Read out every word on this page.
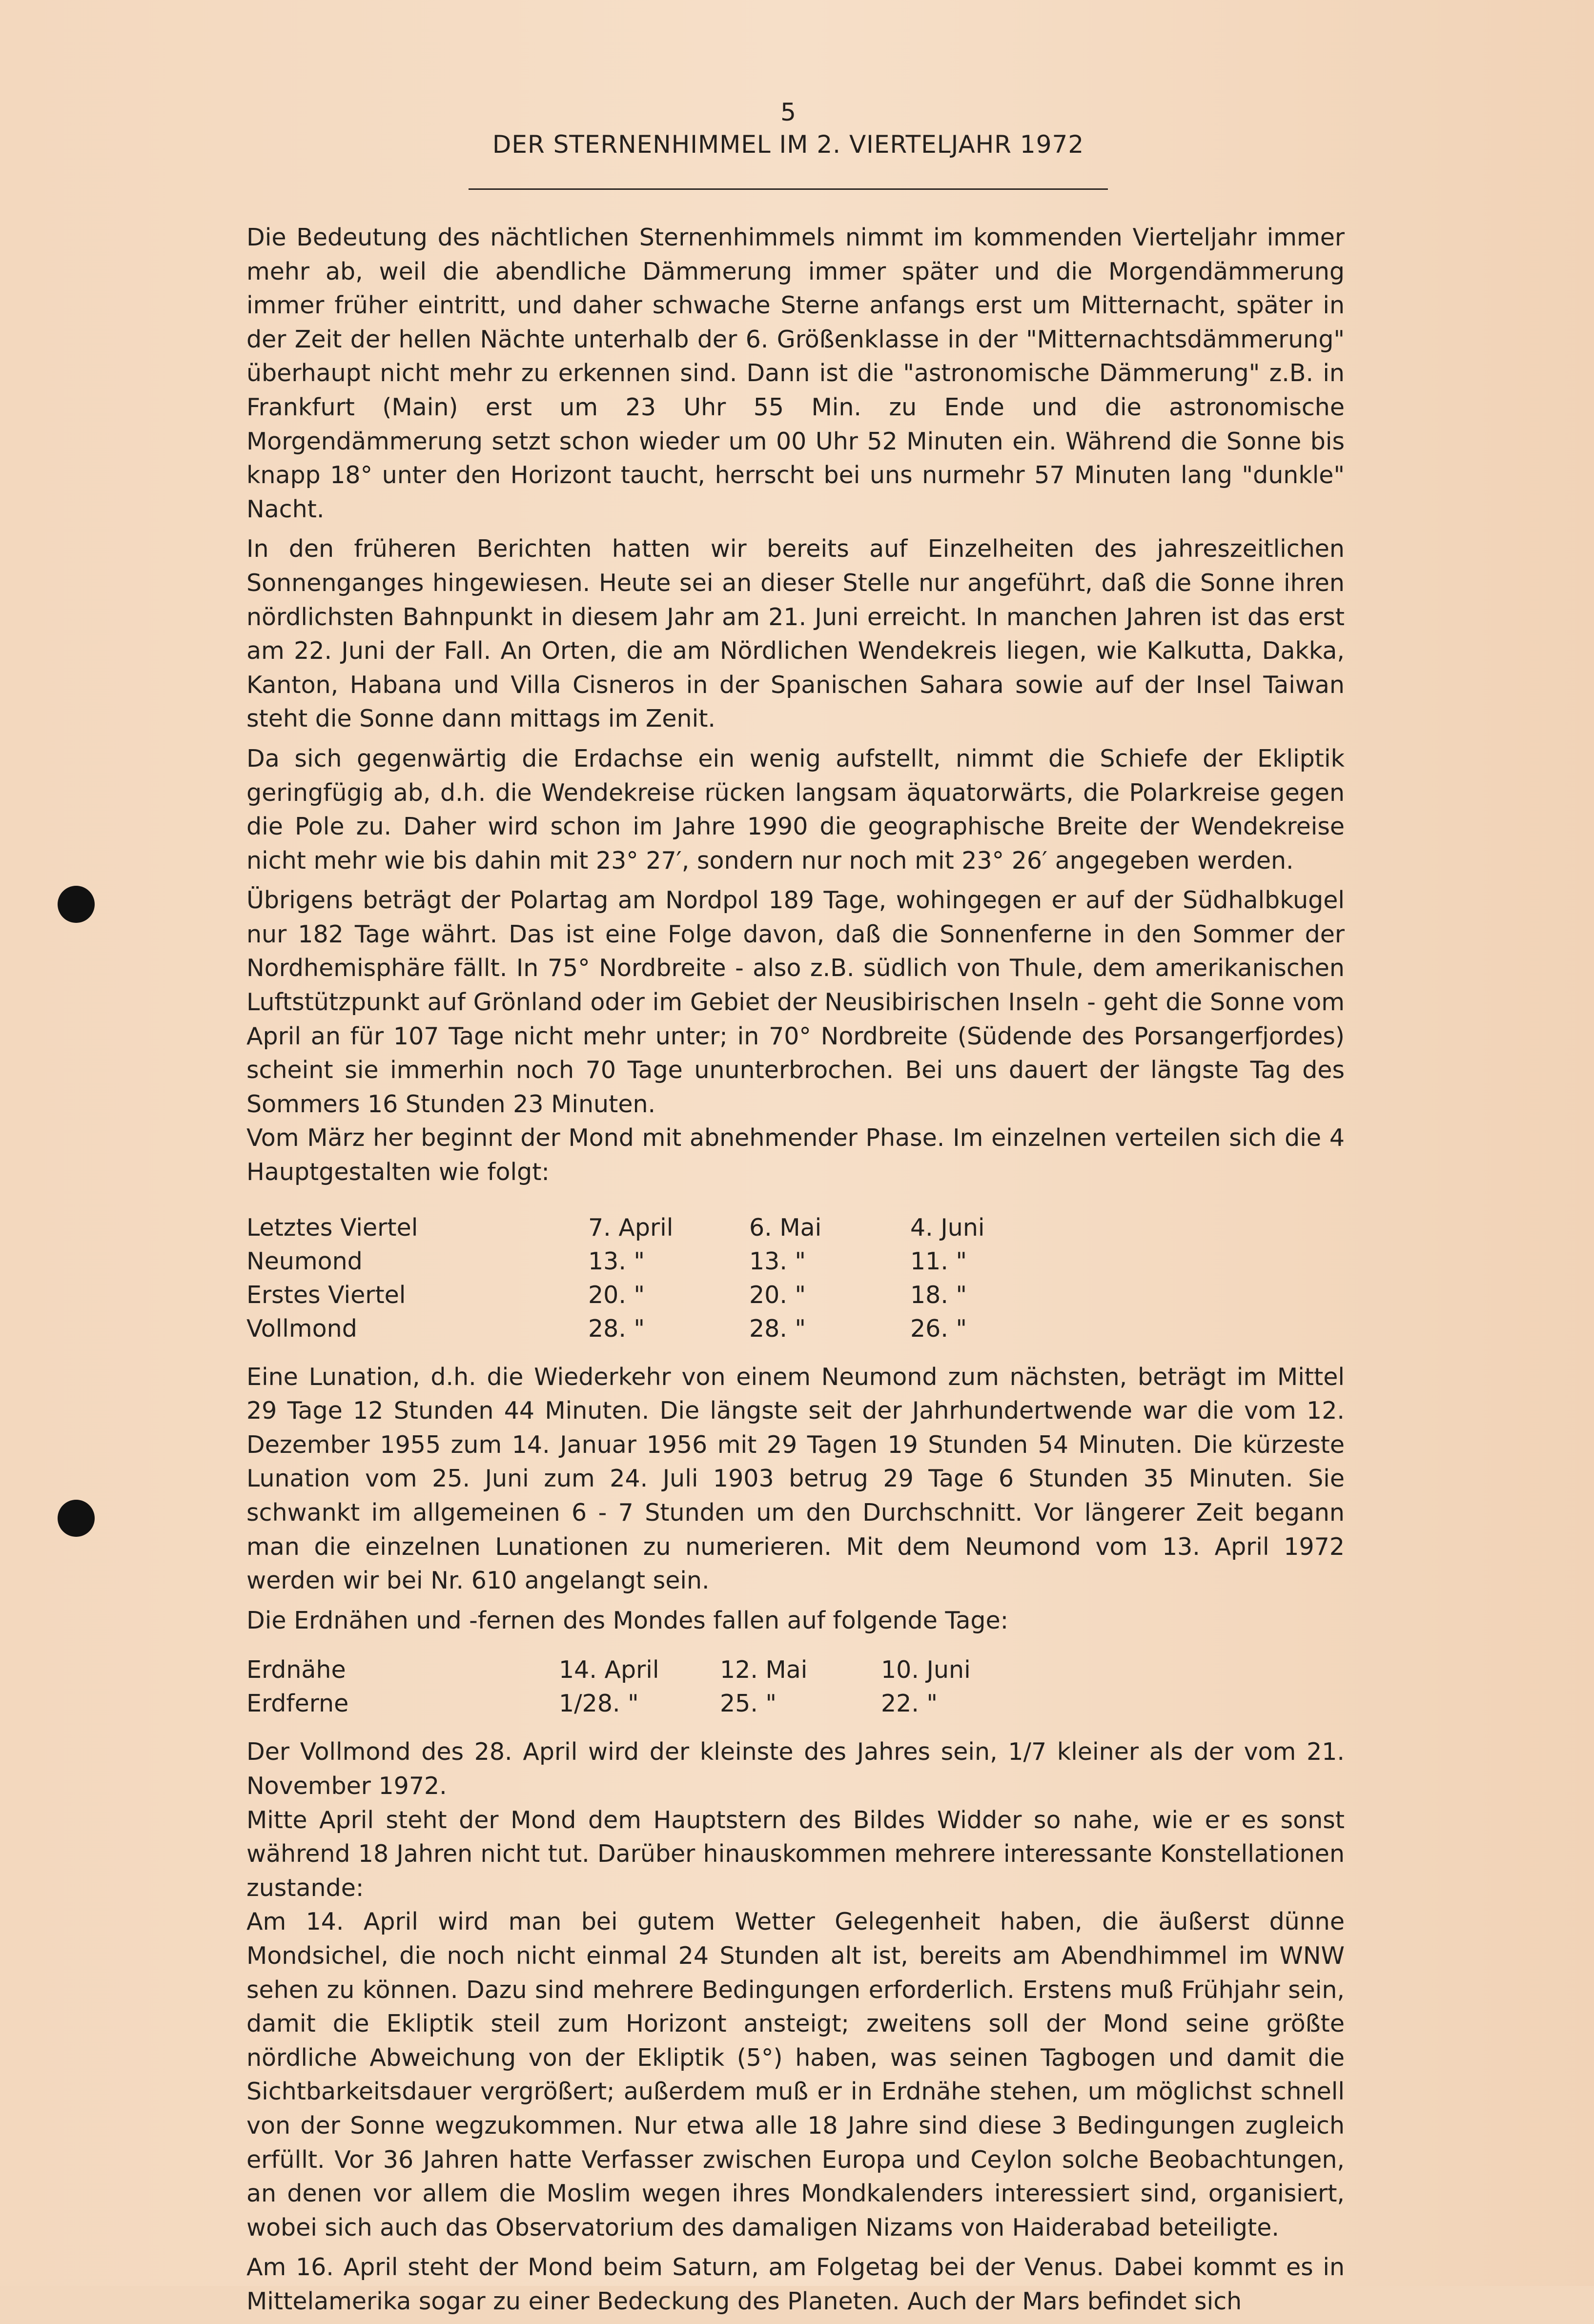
5
DER STERNENHIMMEL IM 2. VIERTELJAHR 1972

Die Bedeutung des nächtlichen Sternenhimmels nimmt im kommenden Vierteljahr immer mehr ab, weil die abendliche Dämmerung immer später und die Morgendämmerung immer früher eintritt, und daher schwache Sterne anfangs erst um Mitternacht, später in der Zeit der hellen Nächte unterhalb der 6. Größenklasse in der "Mitternachtsdämmerung" überhaupt nicht mehr zu erkennen sind. Dann ist die "astronomische Dämmerung" z.B. in Frankfurt (Main) erst um 23 Uhr 55 Min. zu Ende und die astronomische Morgendämmerung setzt schon wieder um 00 Uhr 52 Minuten ein. Während die Sonne bis knapp 18° unter den Horizont taucht, herrscht bei uns nurmehr 57 Minuten lang "dunkle" Nacht.

In den früheren Berichten hatten wir bereits auf Einzelheiten des jahreszeitlichen Sonnenganges hingewiesen. Heute sei an dieser Stelle nur angeführt, daß die Sonne ihren nördlichsten Bahnpunkt in diesem Jahr am 21. Juni erreicht. In manchen Jahren ist das erst am 22. Juni der Fall. An Orten, die am Nördlichen Wendekreis liegen, wie Kalkutta, Dakka, Kanton, Habana und Villa Cisneros in der Spanischen Sahara sowie auf der Insel Taiwan steht die Sonne dann mittags im Zenit.

Da sich gegenwärtig die Erdachse ein wenig aufstellt, nimmt die Schiefe der Ekliptik geringfügig ab, d.h. die Wendekreise rücken langsam äquatorwärts, die Polarkreise gegen die Pole zu. Daher wird schon im Jahre 1990 die geographische Breite der Wendekreise nicht mehr wie bis dahin mit 23° 27′, sondern nur noch mit 23° 26′ angegeben werden.

Übrigens beträgt der Polartag am Nordpol 189 Tage, wohingegen er auf der Südhalbkugel nur 182 Tage währt. Das ist eine Folge davon, daß die Sonnenferne in den Sommer der Nordhemisphäre fällt. In 75° Nordbreite - also z.B. südlich von Thule, dem amerikanischen Luftstützpunkt auf Grönland oder im Gebiet der Neusibirischen Inseln - geht die Sonne vom April an für 107 Tage nicht mehr unter; in 70° Nordbreite (Südende des Porsangerfjordes) scheint sie immerhin noch 70 Tage ununterbrochen. Bei uns dauert der längste Tag des Sommers 16 Stunden 23 Minuten.

Vom März her beginnt der Mond mit abnehmender Phase. Im einzelnen verteilen sich die 4 Hauptgestalten wie folgt:

Letztes Viertel	7. April	6. Mai	4. Juni
Neumond	13. "	13. "	11. "
Erstes Viertel	20. "	20. "	18. "
Vollmond	28. "	28. "	26. "

Eine Lunation, d.h. die Wiederkehr von einem Neumond zum nächsten, beträgt im Mittel 29 Tage 12 Stunden 44 Minuten. Die längste seit der Jahrhundertwende war die vom 12. Dezember 1955 zum 14. Januar 1956 mit 29 Tagen 19 Stunden 54 Minuten. Die kürzeste Lunation vom 25. Juni zum 24. Juli 1903 betrug 29 Tage 6 Stunden 35 Minuten. Sie schwankt im allgemeinen 6 - 7 Stunden um den Durchschnitt. Vor längerer Zeit begann man die einzelnen Lunationen zu numerieren. Mit dem Neumond vom 13. April 1972 werden wir bei Nr. 610 angelangt sein.

Die Erdnähen und -fernen des Mondes fallen auf folgende Tage:

Erdnähe	14. April	12. Mai	10. Juni
Erdferne	1/28. "	25. "	22. "

Der Vollmond des 28. April wird der kleinste des Jahres sein, 1/7 kleiner als der vom 21. November 1972.

Mitte April steht der Mond dem Hauptstern des Bildes Widder so nahe, wie er es sonst während 18 Jahren nicht tut. Darüber hinauskommen mehrere interessante Konstellationen zustande:

Am 14. April wird man bei gutem Wetter Gelegenheit haben, die äußerst dünne Mondsichel, die noch nicht einmal 24 Stunden alt ist, bereits am Abendhimmel im WNW sehen zu können. Dazu sind mehrere Bedingungen erforderlich. Erstens muß Frühjahr sein, damit die Ekliptik steil zum Horizont ansteigt; zweitens soll der Mond seine größte nördliche Abweichung von der Ekliptik (5°) haben, was seinen Tagbogen und damit die Sichtbarkeitsdauer vergrößert; außerdem muß er in Erdnähe stehen, um möglichst schnell von der Sonne wegzukommen. Nur etwa alle 18 Jahre sind diese 3 Bedingungen zugleich erfüllt. Vor 36 Jahren hatte Verfasser zwischen Europa und Ceylon solche Beobachtungen, an denen vor allem die Moslim wegen ihres Mondkalenders interessiert sind, organisiert, wobei sich auch das Observatorium des damaligen Nizams von Haiderabad beteiligte.

Am 16. April steht der Mond beim Saturn, am Folgetag bei der Venus. Dabei kommt es in Mittelamerika sogar zu einer Bedeckung des Planeten. Auch der Mars befindet sich
